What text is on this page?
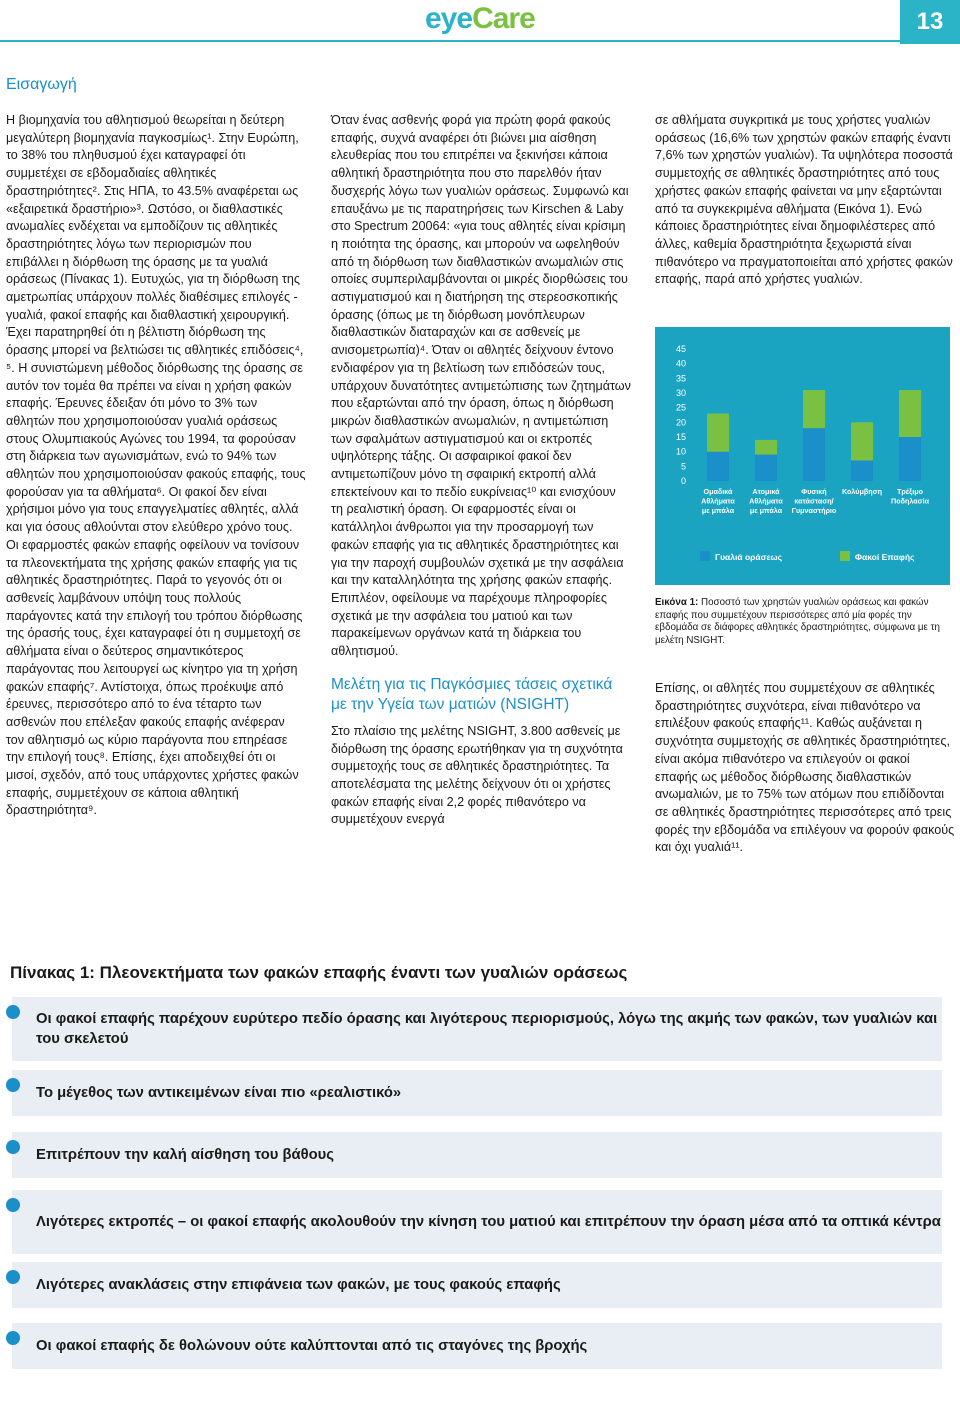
eyeCare	13
Εισαγωγή

Η βιομηχανία του αθλητισμού θεωρείται η δεύτερη μεγαλύτερη βιομηχανία παγκοσμίως¹. Στην Ευρώπη, το 38% του πληθυσμού έχει καταγραφεί ότι συμμετέχει σε εβδομαδιαίες αθλητικές δραστηριότητες². Στις ΗΠΑ, το 43.5% αναφέρεται ως «εξαιρετικά δραστήριο»³. Ωστόσο, οι διαθλαστικές ανωμαλίες ενδέχεται να εμποδίζουν τις αθλητικές δραστηριότητες λόγω των περιορισμών που επιβάλλει η διόρθωση της όρασης με τα γυαλιά οράσεως (Πίνακας 1). Ευτυχώς, για τη διόρθωση της αμετρωπίας υπάρχουν πολλές διαθέσιμες επιλογές - γυαλιά, φακοί επαφής και διαθλαστική χειρουργική. Έχει παρατηρηθεί ότι η βέλτιστη διόρθωση της όρασης μπορεί να βελτιώσει τις αθλητικές επιδόσεις⁴, ⁵. Η συνιστώμενη μέθοδος διόρθωσης της όρασης σε αυτόν τον τομέα θα πρέπει να είναι η χρήση φακών επαφής. Έρευνες έδειξαν ότι μόνο το 3% των αθλητών που χρησιμοποιούσαν γυαλιά οράσεως στους Ολυμπιακούς Αγώνες του 1994, τα φορούσαν στη διάρκεια των αγωνισμάτων, ενώ το 94% των αθλητών που χρησιμοποιούσαν φακούς επαφής, τους φορούσαν για τα αθλήματα⁶. Οι φακοί δεν είναι χρήσιμοι μόνο για τους επαγγελματίες αθλητές, αλλά και για όσους αθλούνται στον ελεύθερο χρόνο τους. Οι εφαρμοστές φακών επαφής οφείλουν να τονίσουν τα πλεονεκτήματα της χρήσης φακών επαφής για τις αθλητικές δραστηριότητες. Παρά το γεγονός ότι οι ασθενείς λαμβάνουν υπόψη τους πολλούς παράγοντες κατά την επιλογή του τρόπου διόρθωσης της όρασής τους, έχει καταγραφεί ότι η συμμετοχή σε αθλήματα είναι ο δεύτερος σημαντικότερος παράγοντας που λειτουργεί ως κίνητρο για τη χρήση φακών επαφής⁷. Αντίστοιχα, όπως προέκυψε από έρευνες, περισσότερο από το ένα τέταρτο των ασθενών που επέλεξαν φακούς επαφής ανέφεραν τον αθλητισμό ως κύριο παράγοντα που επηρέασε την επιλογή τους⁸. Επίσης, έχει αποδειχθεί ότι οι μισοί, σχεδόν, από τους υπάρχοντες χρήστες φακών επαφής, συμμετέχουν σε κάποια αθλητική δραστηριότητα⁹.

Όταν ένας ασθενής φορά για πρώτη φορά φακούς επαφής, συχνά αναφέρει ότι βιώνει μια αίσθηση ελευθερίας που του επιτρέπει να ξεκινήσει κάποια αθλητική δραστηριότητα που στο παρελθόν ήταν δυσχερής λόγω των γυαλιών οράσεως. Συμφωνώ και επαυξάνω με τις παρατηρήσεις των Kirschen & Laby στο Spectrum 20064: «για τους αθλητές είναι κρίσιμη η ποιότητα της όρασης, και μπορούν να ωφεληθούν από τη διόρθωση των διαθλαστικών ανωμαλιών στις οποίες συμπεριλαμβάνονται οι μικρές διορθώσεις του αστιγματισμού και η διατήρηση της στερεοσκοπικής όρασης (όπως με τη διόρθωση μονόπλευρων διαθλαστικών διαταραχών και σε ασθενείς με ανισομετρωπία)⁴. Όταν οι αθλητές δείχνουν έντονο ενδιαφέρον για τη βελτίωση των επιδόσεών τους, υπάρχουν δυνατότητες αντιμετώπισης των ζητημάτων που εξαρτώνται από την όραση, όπως η διόρθωση μικρών διαθλαστικών ανωμαλιών, η αντιμετώπιση των σφαλμάτων αστιγματισμού και οι εκτροπές υψηλότερης τάξης. Οι ασφαιρικοί φακοί δεν αντιμετωπίζουν μόνο τη σφαιρική εκτροπή αλλά επεκτείνουν και το πεδίο ευκρίνειας¹⁰ και ενισχύουν τη ρεαλιστική όραση. Οι εφαρμοστές είναι οι κατάλληλοι άνθρωποι για την προσαρμογή των φακών επαφής για τις αθλητικές δραστηριότητες και για την παροχή συμβουλών σχετικά με την ασφάλεια και την καταλληλότητα της χρήσης φακών επαφής. Επιπλέον, οφείλουμε να παρέχουμε πληροφορίες σχετικά με την ασφάλεια του ματιού και των παρακείμενων οργάνων κατά τη διάρκεια του αθλητισμού.

Μελέτη για τις Παγκόσμιες τάσεις σχετικά με την Υγεία των ματιών (NSIGHT)

Στο πλαίσιο της μελέτης NSIGHT, 3.800 ασθενείς με διόρθωση της όρασης ερωτήθηκαν για τη συχνότητα συμμετοχής τους σε αθλητικές δραστηριότητες. Τα αποτελέσματα της μελέτης δείχνουν ότι οι χρήστες φακών επαφής είναι 2,2 φορές πιθανότερο να συμμετέχουν ενεργά

σε αθλήματα συγκριτικά με τους χρήστες γυαλιών οράσεως (16,6% των χρηστών φακών επαφής έναντι 7,6% των χρηστών γυαλιών). Τα υψηλότερα ποσοστά συμμετοχής σε αθλητικές δραστηριότητες από τους χρήστες φακών επαφής φαίνεται να μην εξαρτώνται από τα συγκεκριμένα αθλήματα (Εικόνα 1). Ενώ κάποιες δραστηριότητες είναι δημοφιλέστερες από άλλες, καθεμία δραστηριότητα ξεχωριστά είναι πιθανότερο να πραγματοποιείται από χρήστες φακών επαφής, παρά από χρήστες γυαλιών.

0
5
10
15
20
25
30
35
40
45
Ομαδικά
Αθλήματα
με μπάλα
Ατομικά
Αθλήματα
με μπάλα
Φυσική
κατάσταση/
Γυμναστήριο
Κολύμβηση Τρέξιμο
Ποδηλασία
Γυαλιά οράσεως	Φακοί Επαφής
Εικόνα 1: Ποσοστό των χρηστών γυαλιών οράσεως και φακών επαφής που συμμετέχουν περισσότερες από μία φορές την εβδομάδα σε διάφορες αθλητικές δραστηριότητες, σύμφωνα με τη μελέτη NSIGHT.

Επίσης, οι αθλητές που συμμετέχουν σε αθλητικές δραστηριότητες συχνότερα, είναι πιθανότερο να επιλέξουν φακούς επαφής¹¹. Καθώς αυξάνεται η συχνότητα συμμετοχής σε αθλητικές δραστηριότητες, είναι ακόμα πιθανότερο να επιλεγούν οι φακοί επαφής ως μέθοδος διόρθωσης διαθλαστικών ανωμαλιών, με το 75% των ατόμων που επιδίδονται σε αθλητικές δραστηριότητες περισσότερες από τρεις φορές την εβδομάδα να επιλέγουν να φορούν φακούς και όχι γυαλιά¹¹.

Πίνακας 1: Πλεονεκτήματα των φακών επαφής έναντι των γυαλιών οράσεως
Οι φακοί επαφής παρέχουν ευρύτερο πεδίο όρασης και λιγότερους περιορισμούς, λόγω της ακμής των φακών, των γυαλιών και του σκελετού
Το μέγεθος των αντικειμένων είναι πιο «ρεαλιστικό»
Επιτρέπουν την καλή αίσθηση του βάθους
Λιγότερες εκτροπές – οι φακοί επαφής ακολουθούν την κίνηση του ματιού και επιτρέπουν την όραση μέσα από τα οπτικά κέντρα
Λιγότερες ανακλάσεις στην επιφάνεια των φακών, με τους φακούς επαφής
Οι φακοί επαφής δε θολώνουν ούτε καλύπτονται από τις σταγόνες της βροχής
